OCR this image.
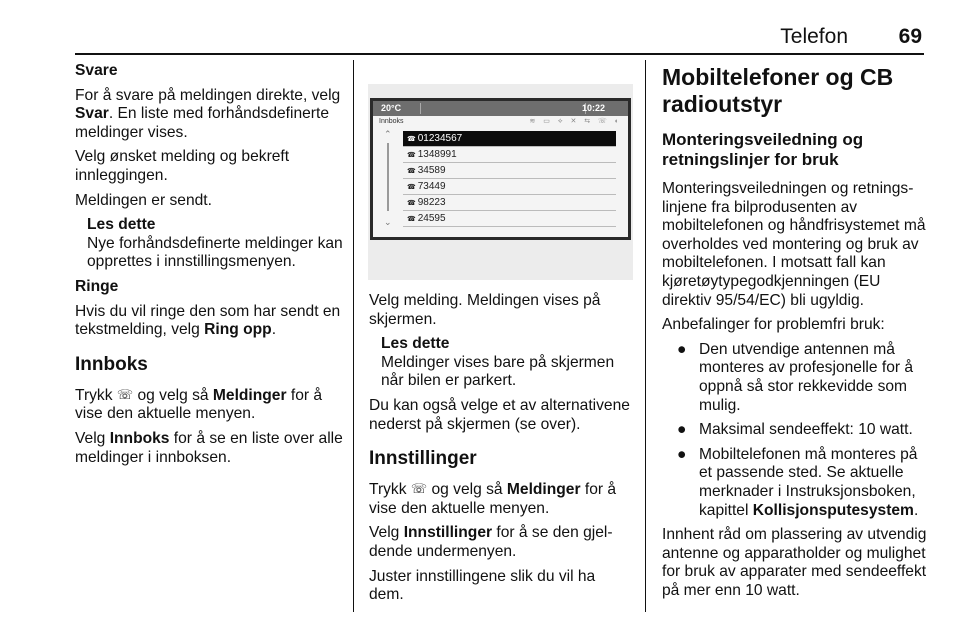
Telefon 69

Svare

For å svare på meldingen direkte, velg Svar. En liste med forhåndsdefinerte meldinger vises.

Velg ønsket melding og bekreft innleggingen.

Meldingen er sendt.

Les dette
Nye forhåndsdefinerte meldinger kan opprettes i innstillingsmenyen.

Ringe

Hvis du vil ringe den som har sendt en tekstmelding, velg Ring opp.

Innboks

Trykk ☏ og velg så Meldinger for å vise den aktuelle menyen.

Velg Innboks for å se en liste over alle meldinger i innboksen.

20°C	10:22
Innboks	≋ ▭ ⟡ ✕ ⇆ ☏ ◐
⌃
⌄
☎ 01234567
☎ 1348991
☎ 34589
☎ 73449
☎ 98223
☎ 24595

Velg melding. Meldingen vises på skjermen.

Les dette
Meldinger vises bare på skjermen når bilen er parkert.

Du kan også velge et av alternativene nederst på skjermen (se over).

Innstillinger

Trykk ☏ og velg så Meldinger for å vise den aktuelle menyen.

Velg Innstillinger for å se den gjeldende undermenyen.

Juster innstillingene slik du vil ha dem.

Mobiltelefoner og CB radioutstyr
Monteringsveiledning og retningslinjer for bruk

Monteringsveiledningen og retningslinjene fra bilprodusenten av mobiltelefonen og håndfrisystemet må overholdes ved montering og bruk av mobiltelefonen. I motsatt fall kan kjøretøytypegodkjenningen (EU direktiv 95/54/EC) bli ugyldig.

Anbefalinger for problemfri bruk:

● Den utvendige antennen må monteres av profesjonelle for å oppnå så stor rekkevidde som mulig.
● Maksimal sendeeffekt: 10 watt.
● Mobiltelefonen må monteres på et passende sted. Se aktuelle merknader i Instruksjonsboken, kapittel Kollisjonsputesystem.

Innhent råd om plassering av utvendig antenne og apparatholder og mulighet for bruk av apparater med sendeeffekt på mer enn 10 watt.
